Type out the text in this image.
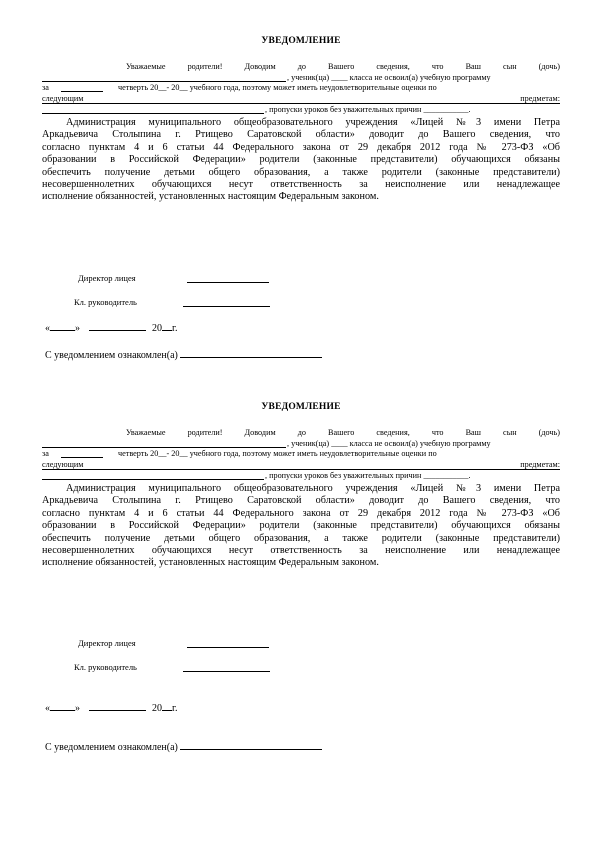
УВЕДОМЛЕНИЕ
Уважаемые родители! Доводим до Вашего сведения, что Ваш сын (дочь)
, ученик(ца) ____ класса не освоил(а) учебную программу
за	четверть 20__- 20__ учебного года, поэтому может иметь неудовлетворительные оценки по
следующим	предметам:
, пропуски уроков без уважительных причин ___________.
Администрация муниципального общеобразовательного учреждения «Лицей №3 имени Петра
Аркадьевича Столыпина г. Ртищево Саратовской области» доводит до Вашего сведения, что
согласно пунктам 4 и 6 статьи 44 Федерального закона от 29 декабря 2012 года № 273-ФЗ «Об
образовании в Российской Федерации» родители (законные представители) обучающихся обязаны
обеспечить получение детьми общего образования, а также родители (законные представители)
несовершеннолетних обучающихся несут ответственность за неисполнение или ненадлежащее
исполнение обязанностей, установленных настоящим Федеральным законом.
Директор лицея
Кл. руководитель
«	»	20 г.
С уведомлением ознакомлен(а)
УВЕДОМЛЕНИЕ
Уважаемые родители! Доводим до Вашего сведения, что Ваш сын (дочь)
, ученик(ца) ____ класса не освоил(а) учебную программу
за	четверть 20__- 20__ учебного года, поэтому может иметь неудовлетворительные оценки по
следующим	предметам:
, пропуски уроков без уважительных причин ___________.
Администрация муниципального общеобразовательного учреждения «Лицей №3 имени Петра
Аркадьевича Столыпина г. Ртищево Саратовской области» доводит до Вашего сведения, что
согласно пунктам 4 и 6 статьи 44 Федерального закона от 29 декабря 2012 года № 273-ФЗ «Об
образовании в Российской Федерации» родители (законные представители) обучающихся обязаны
обеспечить получение детьми общего образования, а также родители (законные представители)
несовершеннолетних обучающихся несут ответственность за неисполнение или ненадлежащее
исполнение обязанностей, установленных настоящим Федеральным законом.
Директор лицея
Кл. руководитель
«	»	20 г.
С уведомлением ознакомлен(а)
